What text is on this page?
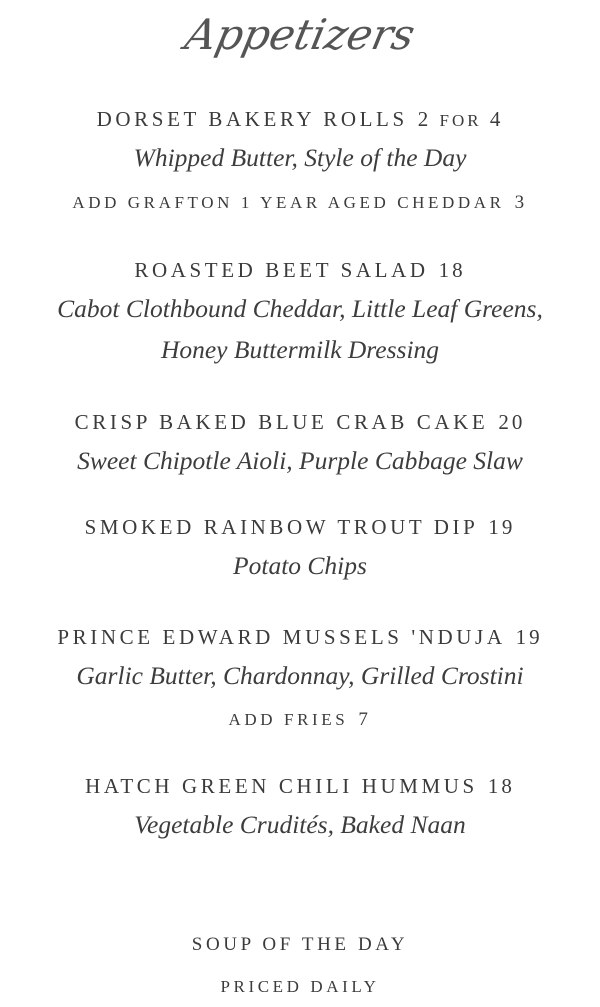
Appetizers
DORSET BAKERY ROLLS 2 FOR 4
Whipped Butter, Style of the Day
ADD GRAFTON 1 YEAR AGED CHEDDAR 3
ROASTED BEET SALAD 18
Cabot Clothbound Cheddar, Little Leaf Greens,
Honey Buttermilk Dressing
CRISP BAKED BLUE CRAB CAKE 20
Sweet Chipotle Aioli, Purple Cabbage Slaw
SMOKED RAINBOW TROUT DIP 19
Potato Chips
PRINCE EDWARD MUSSELS 'NDUJA 19
Garlic Butter, Chardonnay, Grilled Crostini
ADD FRIES 7
HATCH GREEN CHILI HUMMUS 18
Vegetable Crudités, Baked Naan
SOUP OF THE DAY
PRICED DAILY
